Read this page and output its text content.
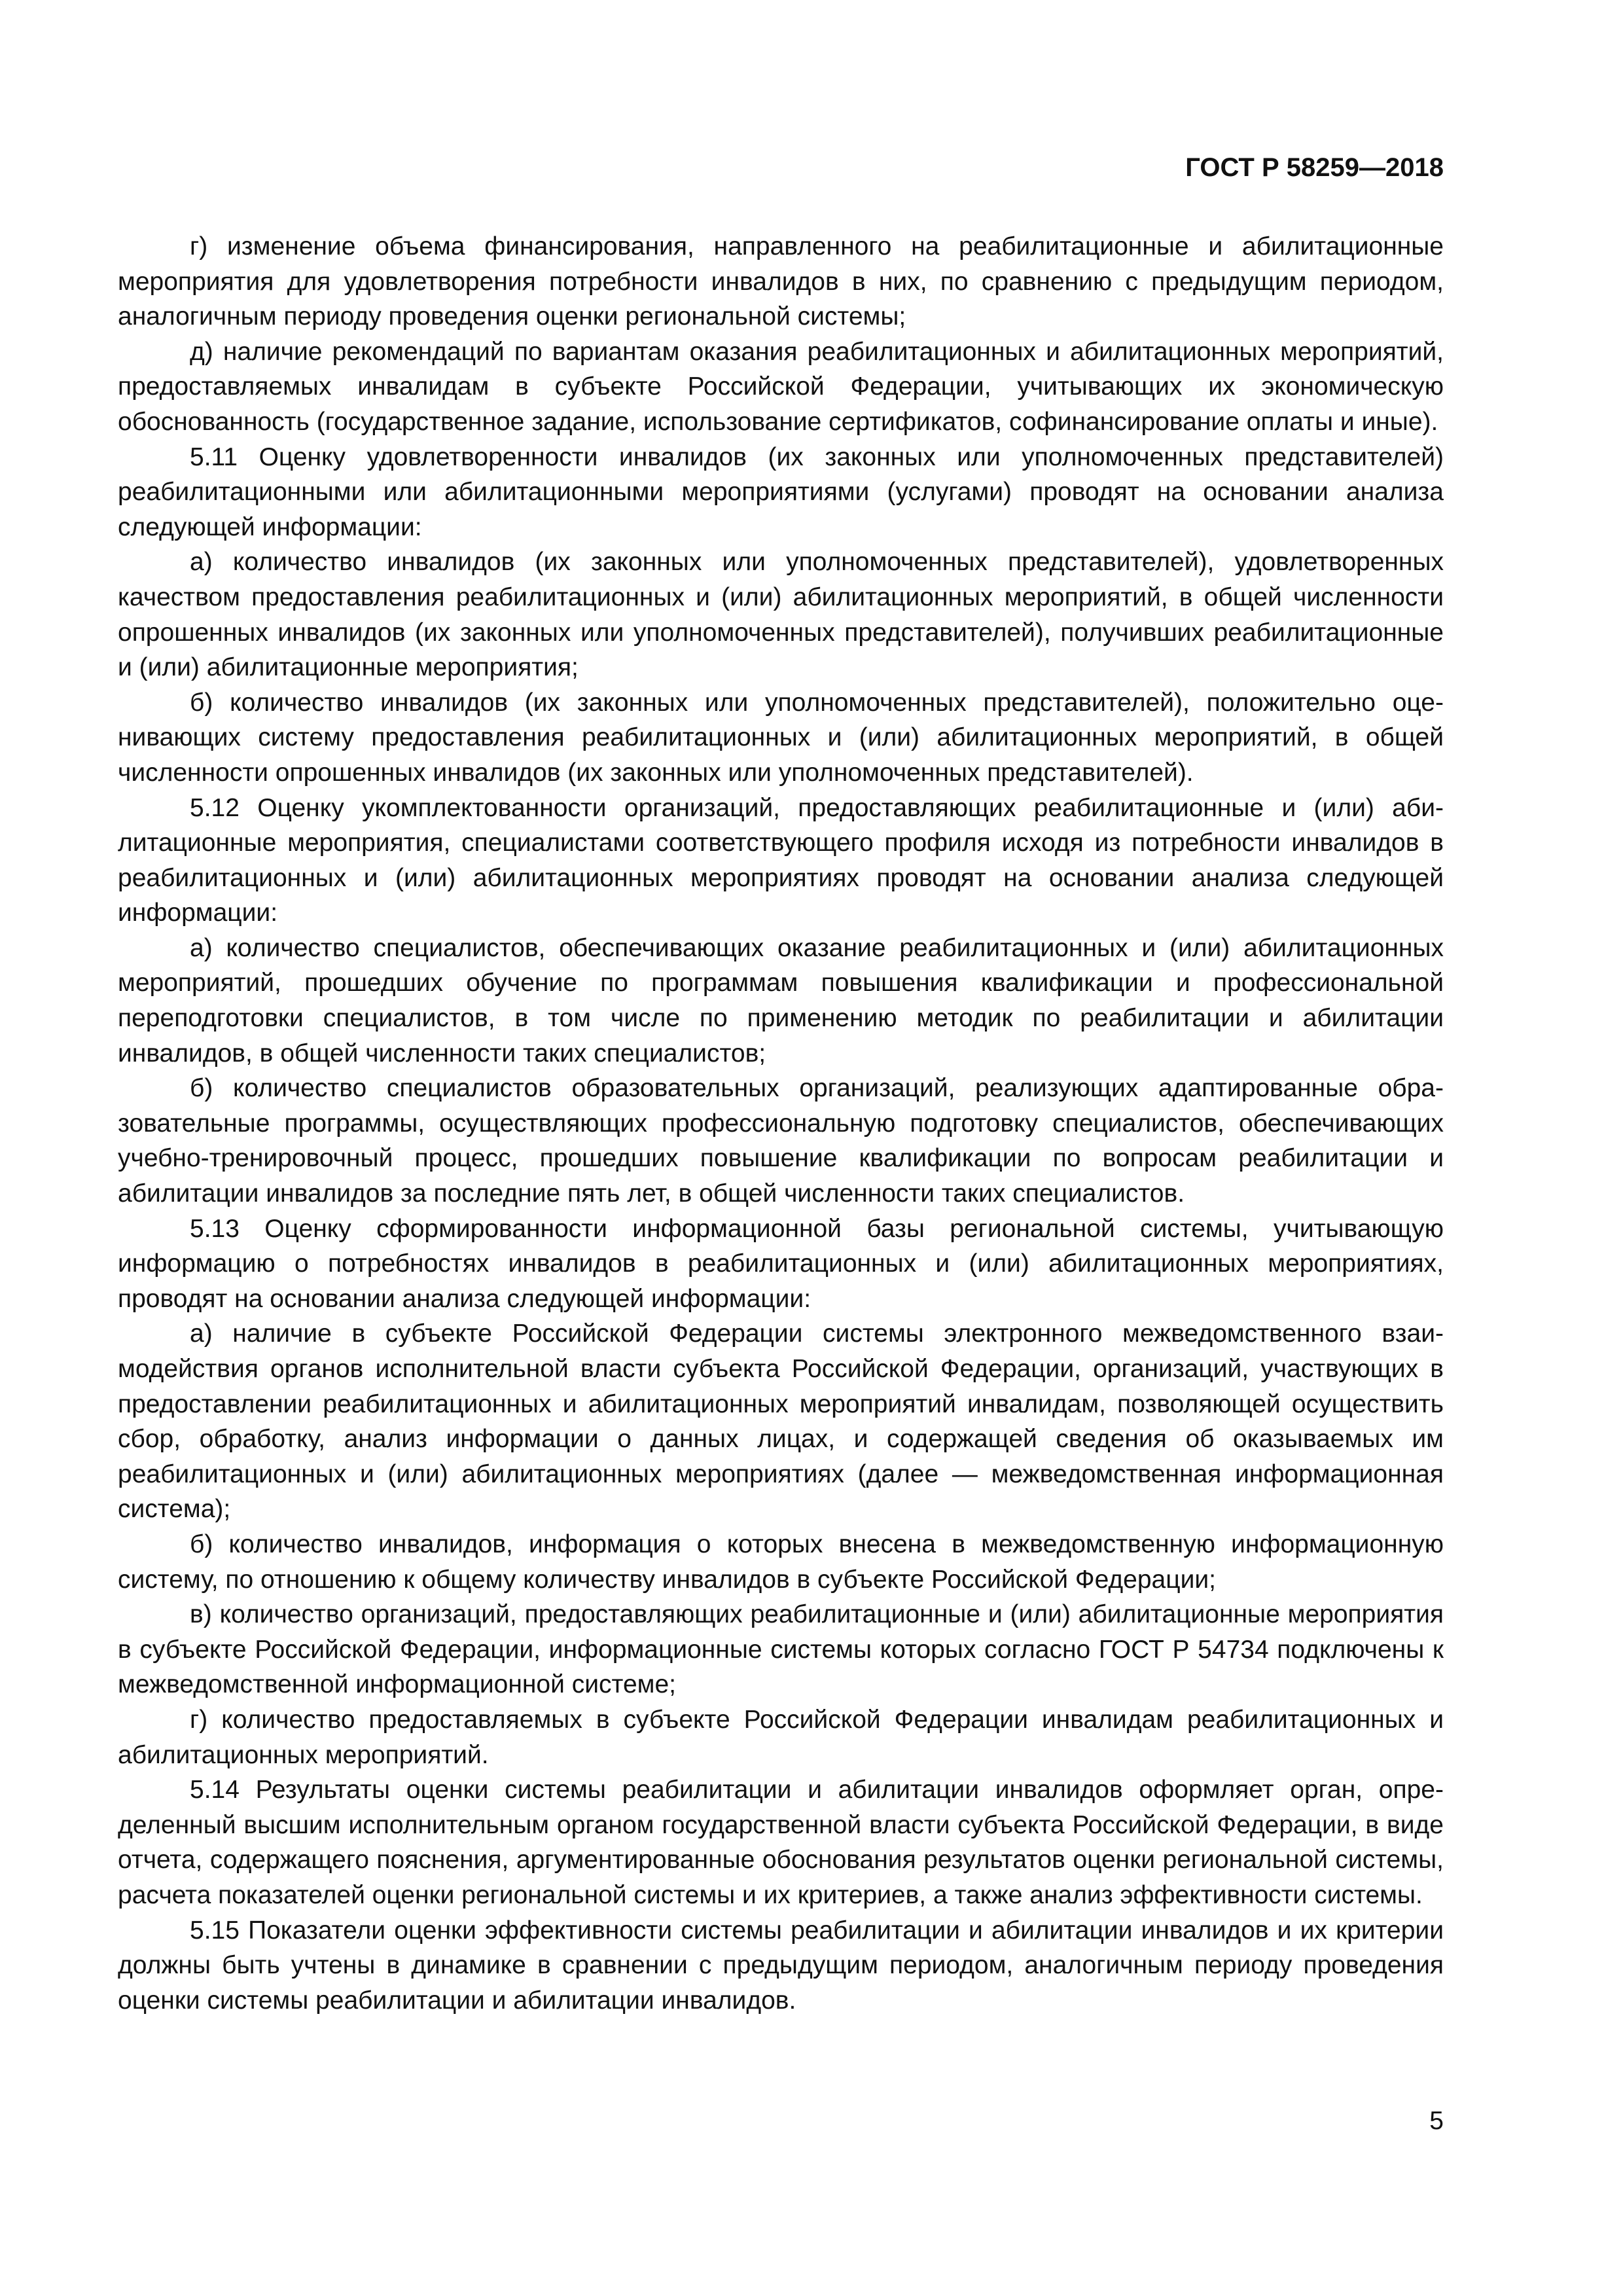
ГОСТ Р 58259—2018

г) изменение объема финансирования, направленного на реабилитационные и абилитационные мероприятия для удовлетворения потребности инвалидов в них, по сравнению с предыдущим периодом, аналогичным периоду проведения оценки региональной системы;

д) наличие рекомендаций по вариантам оказания реабилитационных и абилитационных мероприятий, предоставляемых инвалидам в субъекте Российской Федерации, учитывающих их экономическую обоснованность (государственное задание, использование сертификатов, софинансирование оплаты и иные).

5.11 Оценку удовлетворенности инвалидов (их законных или уполномоченных представителей) реабилитационными или абилитационными мероприятиями (услугами) проводят на основании анализа следующей информации:

а) количество инвалидов (их законных или уполномоченных представителей), удовлетворенных качеством предоставления реабилитационных и (или) абилитационных мероприятий, в общей численности опрошенных инвалидов (их законных или уполномоченных представителей), получивших реабилитационные и (или) абилитационные мероприятия;

б) количество инвалидов (их законных или уполномоченных представителей), положительно оценивающих систему предоставления реабилитационных и (или) абилитационных мероприятий, в общей численности опрошенных инвалидов (их законных или уполномоченных представителей).

5.12 Оценку укомплектованности организаций, предоставляющих реабилитационные и (или) абилитационные мероприятия, специалистами соответствующего профиля исходя из потребности инвалидов в реабилитационных и (или) абилитационных мероприятиях проводят на основании анализа следующей информации:

а) количество специалистов, обеспечивающих оказание реабилитационных и (или) абилитационных мероприятий, прошедших обучение по программам повышения квалификации и профессиональной переподготовки специалистов, в том числе по применению методик по реабилитации и абилитации инвалидов, в общей численности таких специалистов;

б) количество специалистов образовательных организаций, реализующих адаптированные образовательные программы, осуществляющих профессиональную подготовку специалистов, обеспечивающих учебно-тренировочный процесс, прошедших повышение квалификации по вопросам реабилитации и абилитации инвалидов за последние пять лет, в общей численности таких специалистов.

5.13 Оценку сформированности информационной базы региональной системы, учитывающую информацию о потребностях инвалидов в реабилитационных и (или) абилитационных мероприятиях, проводят на основании анализа следующей информации:

а) наличие в субъекте Российской Федерации системы электронного межведомственного взаимодействия органов исполнительной власти субъекта Российской Федерации, организаций, участвующих в предоставлении реабилитационных и абилитационных мероприятий инвалидам, позволяющей осуществить сбор, обработку, анализ информации о данных лицах, и содержащей сведения об оказываемых им реабилитационных и (или) абилитационных мероприятиях (далее — межведомственная информационная система);

б) количество инвалидов, информация о которых внесена в межведомственную информационную систему, по отношению к общему количеству инвалидов в субъекте Российской Федерации;

в) количество организаций, предоставляющих реабилитационные и (или) абилитационные мероприятия в субъекте Российской Федерации, информационные системы которых согласно ГОСТ Р 54734 подключены к межведомственной информационной системе;

г) количество предоставляемых в субъекте Российской Федерации инвалидам реабилитационных и абилитационных мероприятий.

5.14 Результаты оценки системы реабилитации и абилитации инвалидов оформляет орган, определенный высшим исполнительным органом государственной власти субъекта Российской Федерации, в виде отчета, содержащего пояснения, аргументированные обоснования результатов оценки региональной системы, расчета показателей оценки региональной системы и их критериев, а также анализ эффективности системы.

5.15 Показатели оценки эффективности системы реабилитации и абилитации инвалидов и их критерии должны быть учтены в динамике в сравнении с предыдущим периодом, аналогичным периоду проведения оценки системы реабилитации и абилитации инвалидов.

5
